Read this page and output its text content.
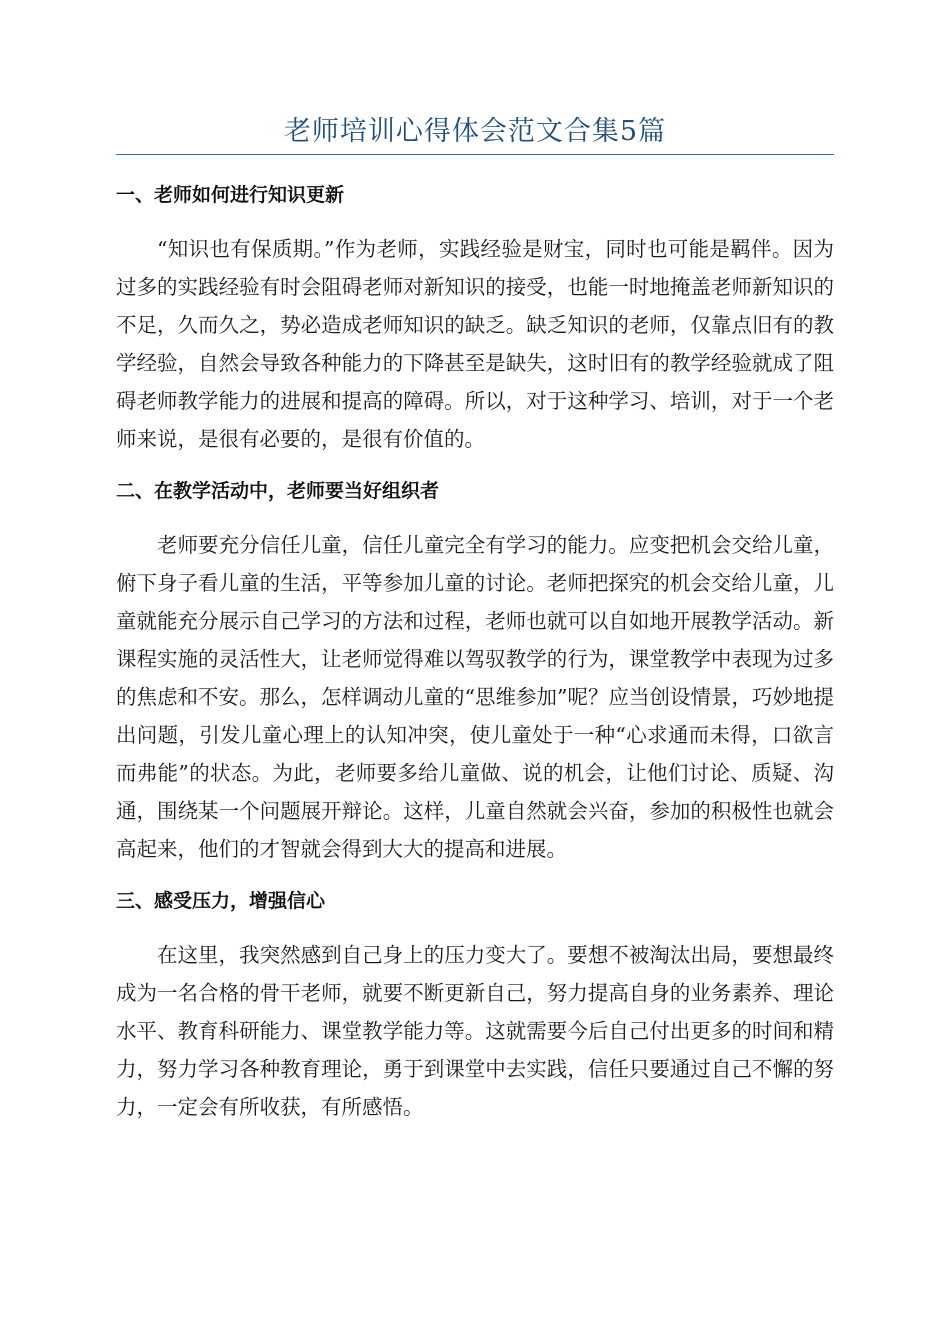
老师培训心得体会范文合集5篇
一、老师如何进行知识更新

“知识也有保质期。”作为老师，实践经验是财宝，同时也可能是羁伴。因为过多的实践经验有时会阻碍老师对新知识的接受，也能一时地掩盖老师新知识的不足，久而久之，势必造成老师知识的缺乏。缺乏知识的老师，仅靠点旧有的教学经验，自然会导致各种能力的下降甚至是缺失，这时旧有的教学经验就成了阻碍老师教学能力的进展和提高的障碍。所以，对于这种学习、培训，对于一个老师来说，是很有必要的，是很有价值的。

二、在教学活动中，老师要当好组织者

老师要充分信任儿童，信任儿童完全有学习的能力。应变把机会交给儿童，俯下身子看儿童的生活，平等参加儿童的讨论。老师把探究的机会交给儿童，儿童就能充分展示自己学习的方法和过程，老师也就可以自如地开展教学活动。新课程实施的灵活性大，让老师觉得难以驾驭教学的行为，课堂教学中表现为过多的焦虑和不安。那么，怎样调动儿童的“思维参加”呢？应当创设情景，巧妙地提出问题，引发儿童心理上的认知冲突，使儿童处于一种“心求通而未得，口欲言而弗能”的状态。为此，老师要多给儿童做、说的机会，让他们讨论、质疑、沟通，围绕某一个问题展开辩论。这样，儿童自然就会兴奋，参加的积极性也就会高起来，他们的才智就会得到大大的提高和进展。

三、感受压力，增强信心

在这里，我突然感到自己身上的压力变大了。要想不被淘汰出局，要想最终成为一名合格的骨干老师，就要不断更新自己，努力提高自身的业务素养、理论水平、教育科研能力、课堂教学能力等。这就需要今后自己付出更多的时间和精力，努力学习各种教育理论，勇于到课堂中去实践，信任只要通过自己不懈的努力，一定会有所收获，有所感悟。
